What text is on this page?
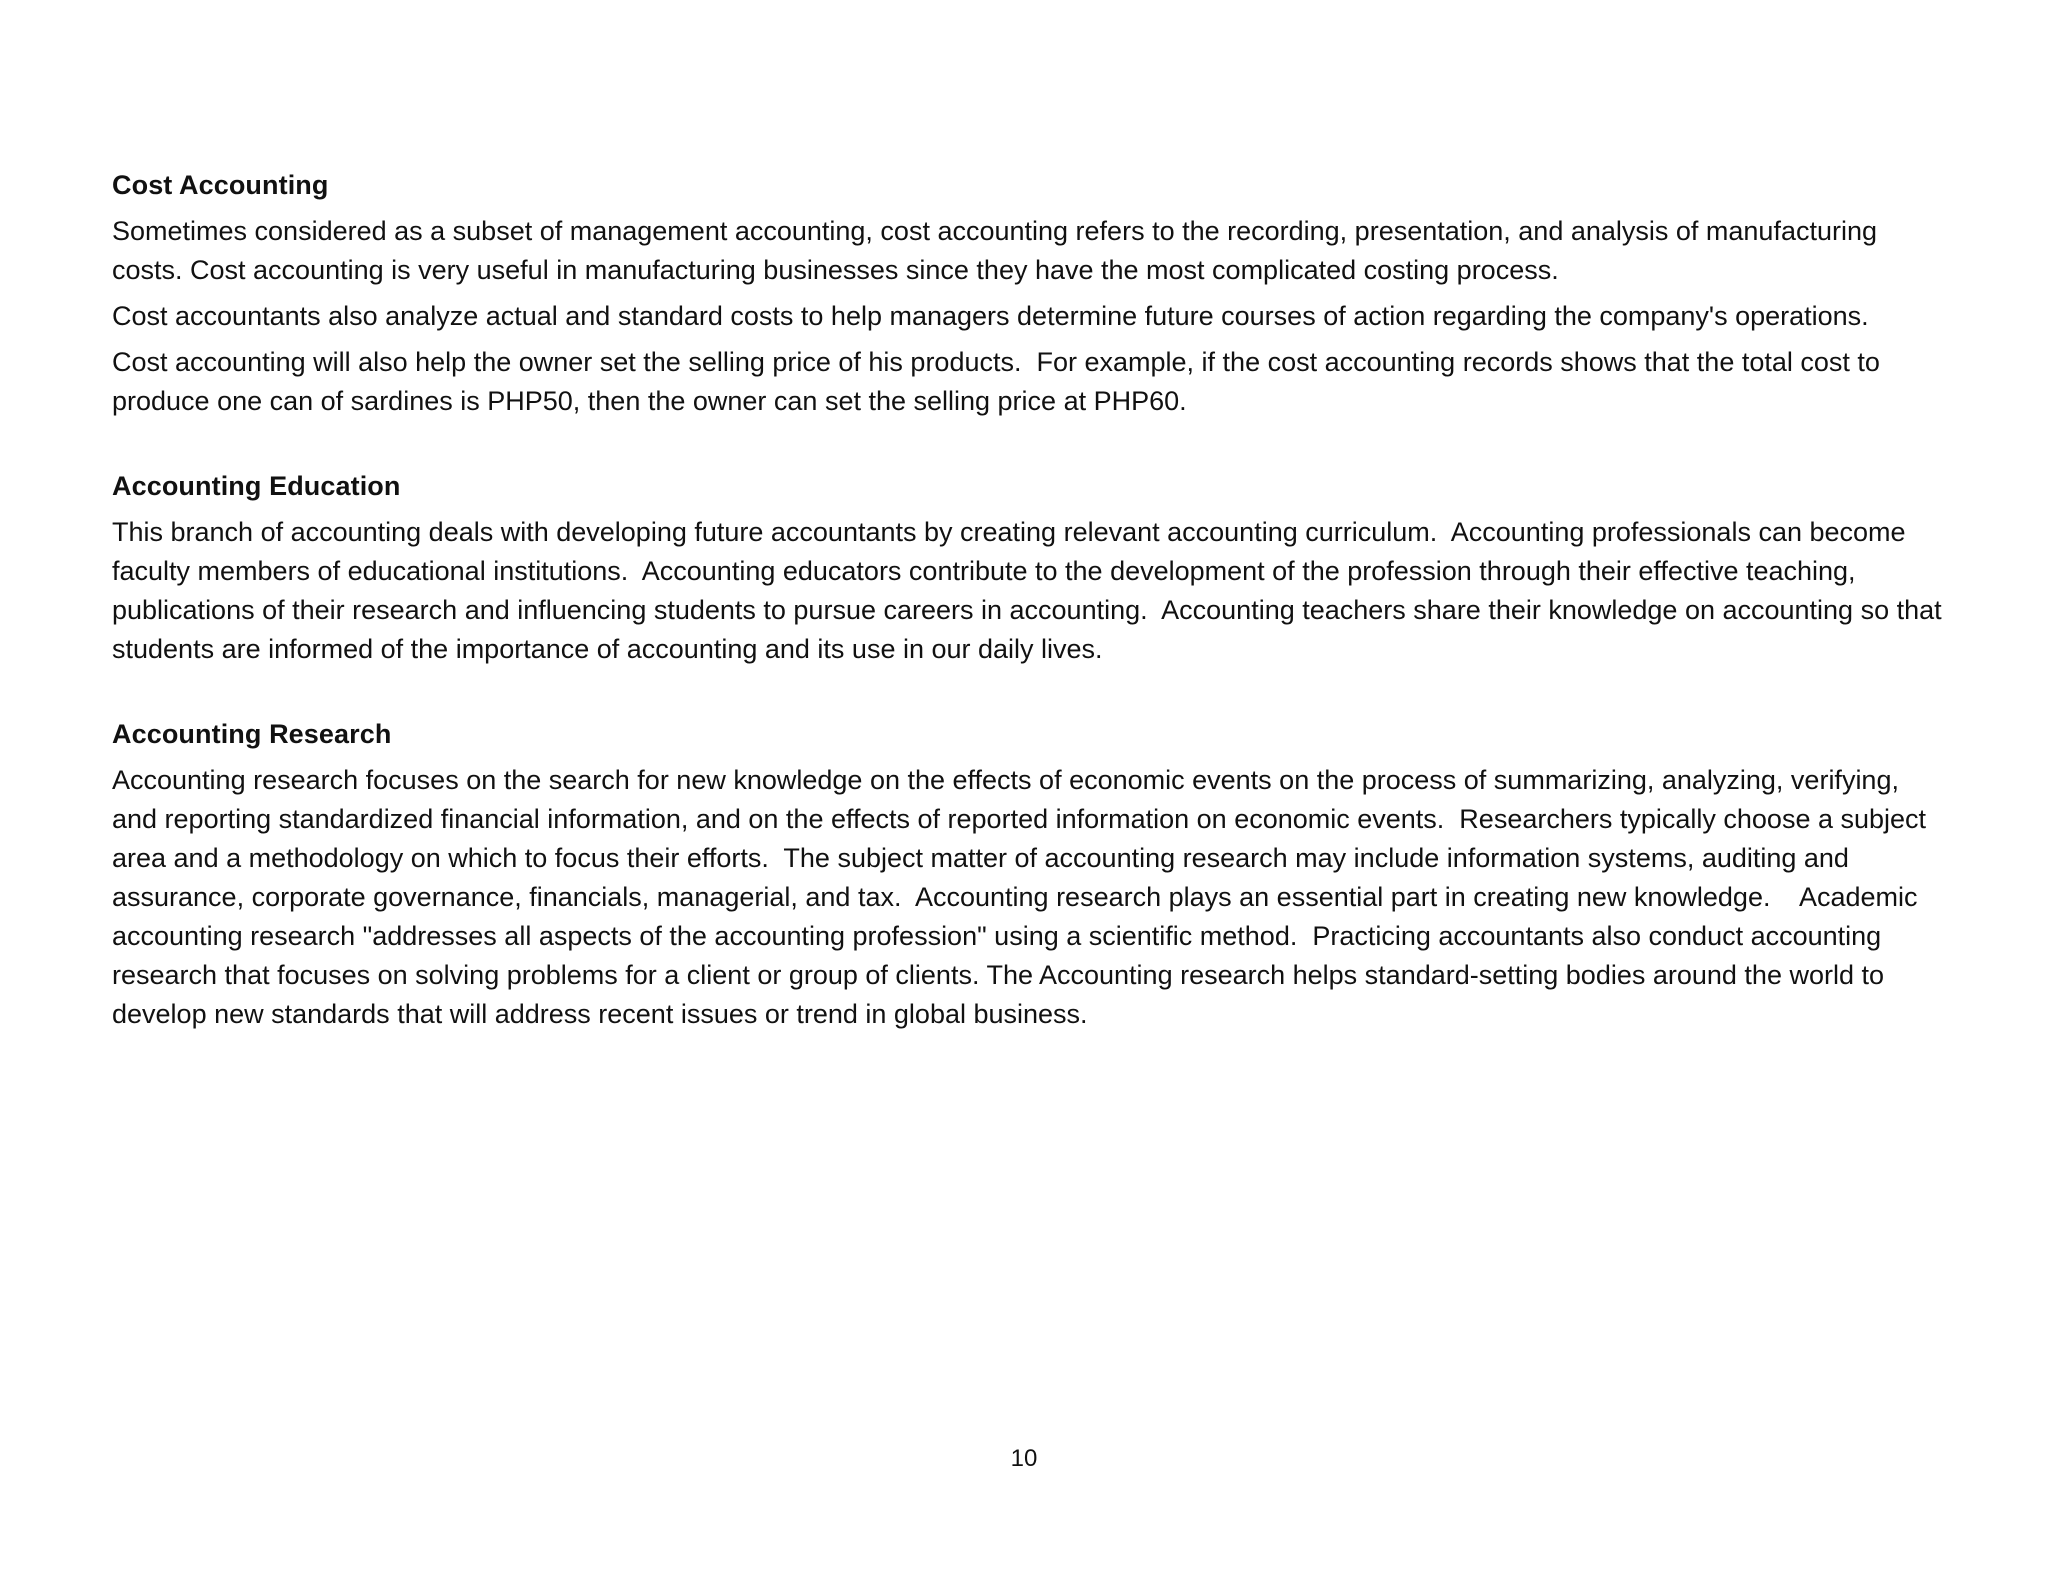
Cost Accounting

Sometimes considered as a subset of management accounting, cost accounting refers to the recording, presentation, and analysis of manufacturing costs. Cost accounting is very useful in manufacturing businesses since they have the most complicated costing process.

Cost accountants also analyze actual and standard costs to help managers determine future courses of action regarding the company's operations.

Cost accounting will also help the owner set the selling price of his products.  For example, if the cost accounting records shows that the total cost to produce one can of sardines is PHP50, then the owner can set the selling price at PHP60.

Accounting Education

This branch of accounting deals with developing future accountants by creating relevant accounting curriculum.  Accounting professionals can become faculty members of educational institutions.  Accounting educators contribute to the development of the profession through their effective teaching, publications of their research and influencing students to pursue careers in accounting.  Accounting teachers share their knowledge on accounting so that students are informed of the importance of accounting and its use in our daily lives.

Accounting Research

Accounting research focuses on the search for new knowledge on the effects of economic events on the process of summarizing, analyzing, verifying, and reporting standardized financial information, and on the effects of reported information on economic events.  Researchers typically choose a subject area and a methodology on which to focus their efforts.  The subject matter of accounting research may include information systems, auditing and assurance, corporate governance, financials, managerial, and tax.  Accounting research plays an essential part in creating new knowledge.    Academic accounting research "addresses all aspects of the accounting profession" using a scientific method.  Practicing accountants also conduct accounting research that focuses on solving problems for a client or group of clients. The Accounting research helps standard-setting bodies around the world to develop new standards that will address recent issues or trend in global business.

10
